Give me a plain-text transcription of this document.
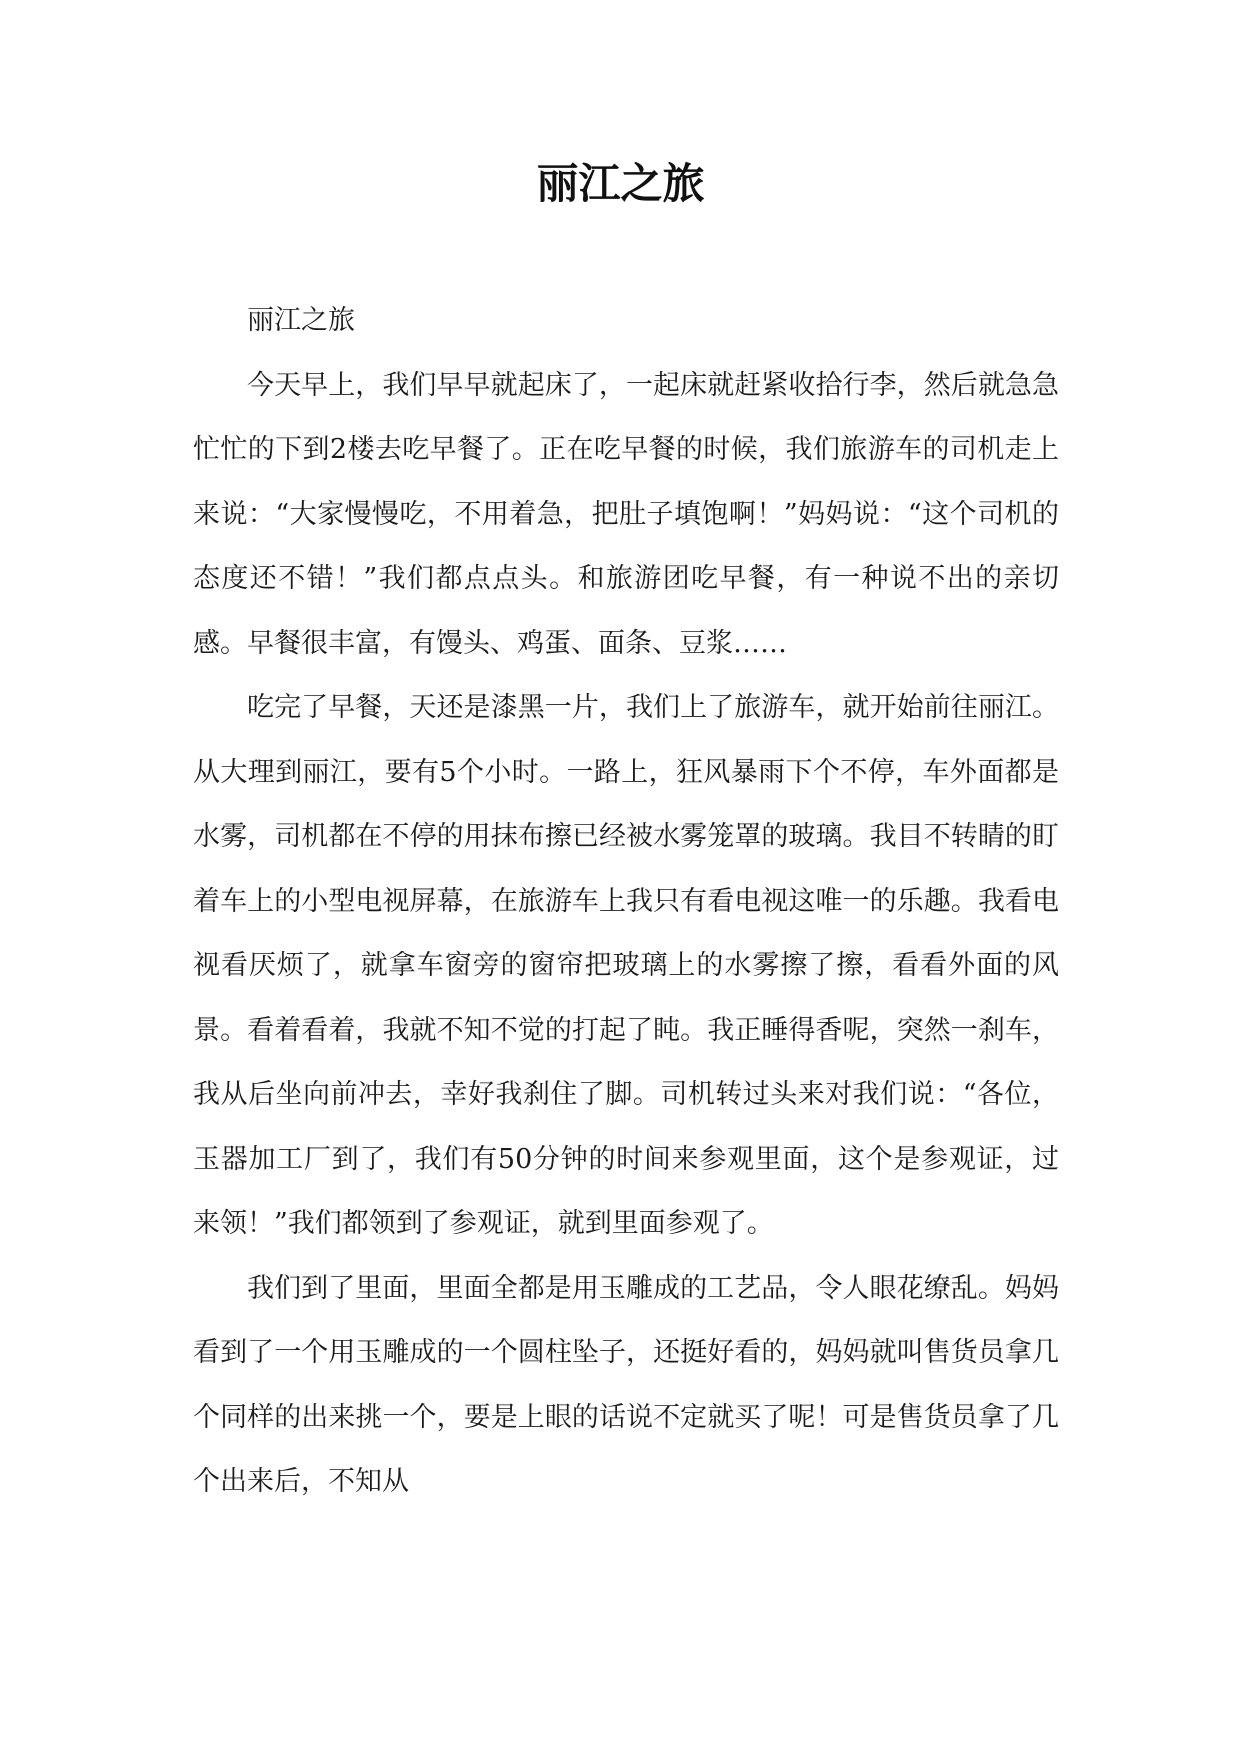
丽江之旅

丽江之旅

今天早上，我们早早就起床了，一起床就赶紧收拾行李，然后就急急忙忙的下到2楼去吃早餐了。正在吃早餐的时候，我们旅游车的司机走上来说：“大家慢慢吃，不用着急，把肚子填饱啊！”妈妈说：“这个司机的态度还不错！”我们都点点头。和旅游团吃早餐，有一种说不出的亲切感。早餐很丰富，有馒头、鸡蛋、面条、豆浆……

吃完了早餐，天还是漆黑一片，我们上了旅游车，就开始前往丽江。从大理到丽江，要有5个小时。一路上，狂风暴雨下个不停，车外面都是水雾，司机都在不停的用抹布擦已经被水雾笼罩的玻璃。我目不转睛的盯着车上的小型电视屏幕，在旅游车上我只有看电视这唯一的乐趣。我看电视看厌烦了，就拿车窗旁的窗帘把玻璃上的水雾擦了擦，看看外面的风景。看着看着，我就不知不觉的打起了盹。我正睡得香呢，突然一刹车，我从后坐向前冲去，幸好我刹住了脚。司机转过头来对我们说：“各位，玉器加工厂到了，我们有50分钟的时间来参观里面，这个是参观证，过来领！”我们都领到了参观证，就到里面参观了。

我们到了里面，里面全都是用玉雕成的工艺品，令人眼花缭乱。妈妈看到了一个用玉雕成的一个圆柱坠子，还挺好看的，妈妈就叫售货员拿几个同样的出来挑一个，要是上眼的话说不定就买了呢！可是售货员拿了几个出来后，不知从
